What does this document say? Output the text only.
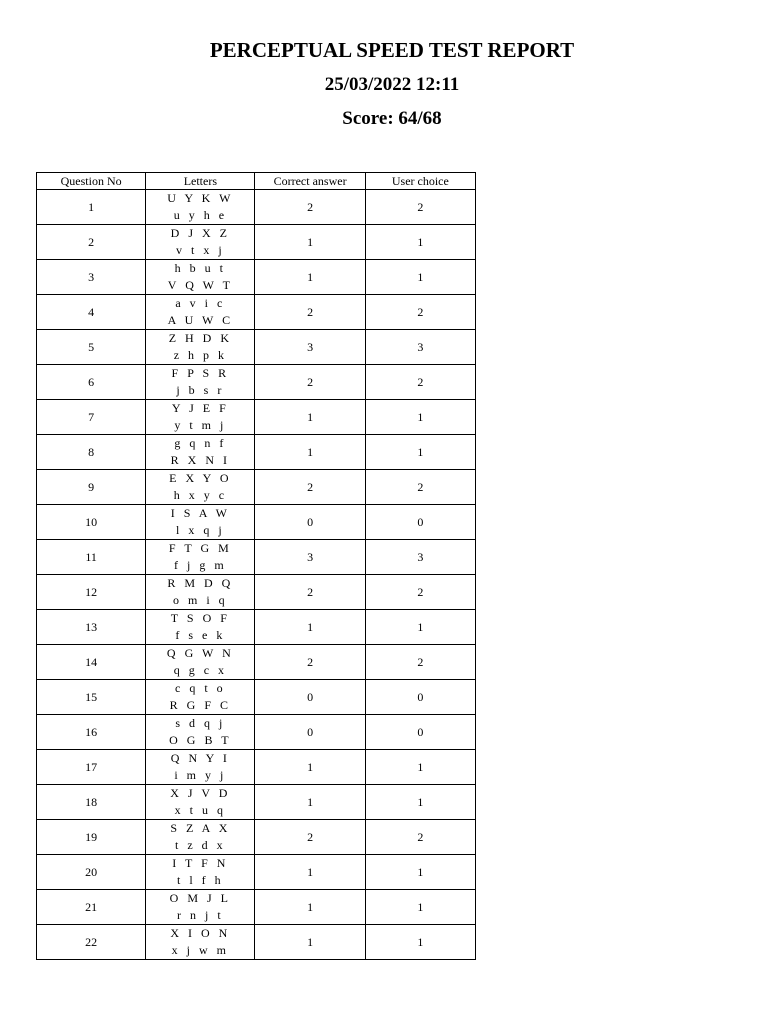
PERCEPTUAL SPEED TEST REPORT
25/03/2022 12:11
Score: 64/68
Question No	Letters	Correct answer	User choice
1	U Y K W
u y h e	2	2
2	D J X Z
v t x j	1	1
3	h b u t
V Q W T	1	1
4	a v i c
A U W C	2	2
5	Z H D K
z h p k	3	3
6	F P S R
j b s r	2	2
7	Y J E F
y t m j	1	1
8	g q n f
R X N I	1	1
9	E X Y O
h x y c	2	2
10	I S A W
l x q j	0	0
11	F T G M
f j g m	3	3
12	R M D Q
o m i q	2	2
13	T S O F
f s e k	1	1
14	Q G W N
q g c x	2	2
15	c q t o
R G F C	0	0
16	s d q j
O G B T	0	0
17	Q N Y I
i m y j	1	1
18	X J V D
x t u q	1	1
19	S Z A X
t z d x	2	2
20	I T F N
t l f h	1	1
21	O M J L
r n j t	1	1
22	X I O N
x j w m	1	1
